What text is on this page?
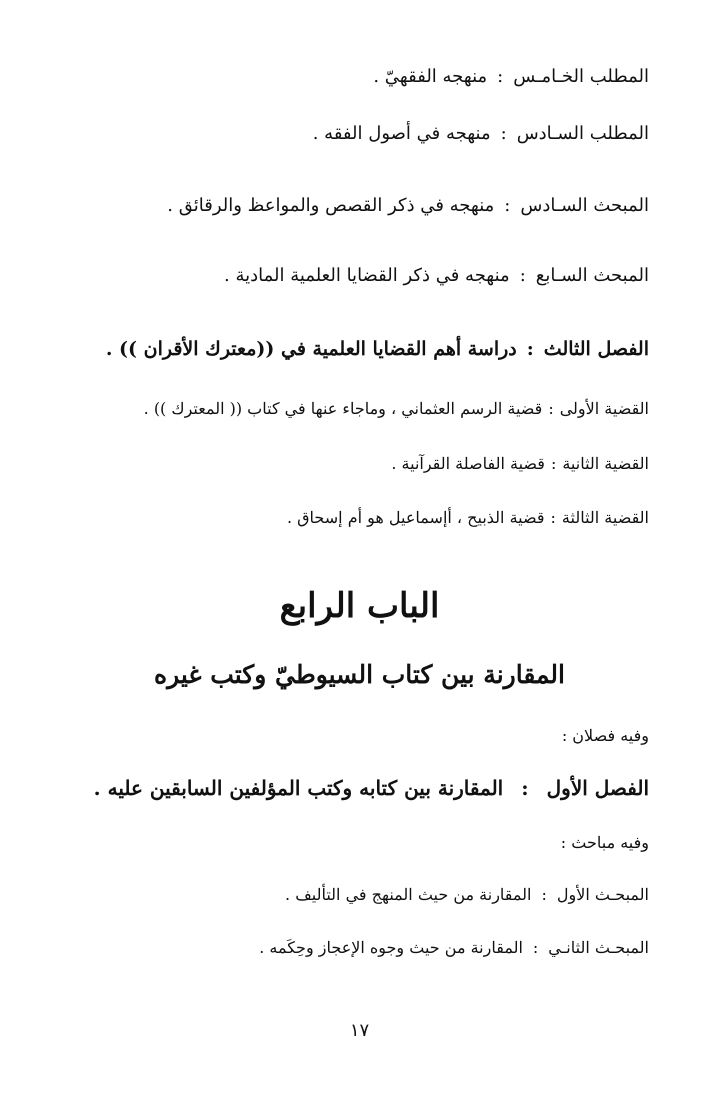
المطلب الخـامـس:منهجه الفقهيّ .
المطلب السـادس:منهجه في أصول الفقه .
المبحث السـادس:منهجه في ذكر القصص والمواعظ والرقائق .
المبحث السـابع:منهجه في ذكر القضايا العلمية المادية .
الفصل الثالث:دراسة أهم القضايا العلمية في ((معترك الأقران )) .
القضية الأولى:قضية الرسم العثماني ، وماجاء عنها في كتاب (( المعترك )) .
القضية الثانية:قضية الفاصلة القرآنية .
القضية الثالثة:قضية الذبيح ، أإسماعيل هو أم إسحاق .
الباب الرابع
المقارنة بين كتاب السيوطيّ وكتب غيره
وفيه فصلان :
الفصل الأول:المقارنة بين كتابه وكتب المؤلفين السابقين عليه .
وفيه مباحث :
المبحـث الأول:المقارنة من حيث المنهج في التأليف .
المبحـث الثانـي:المقارنة من حيث وجوه الإعجاز وحِكَمه .
١٧
